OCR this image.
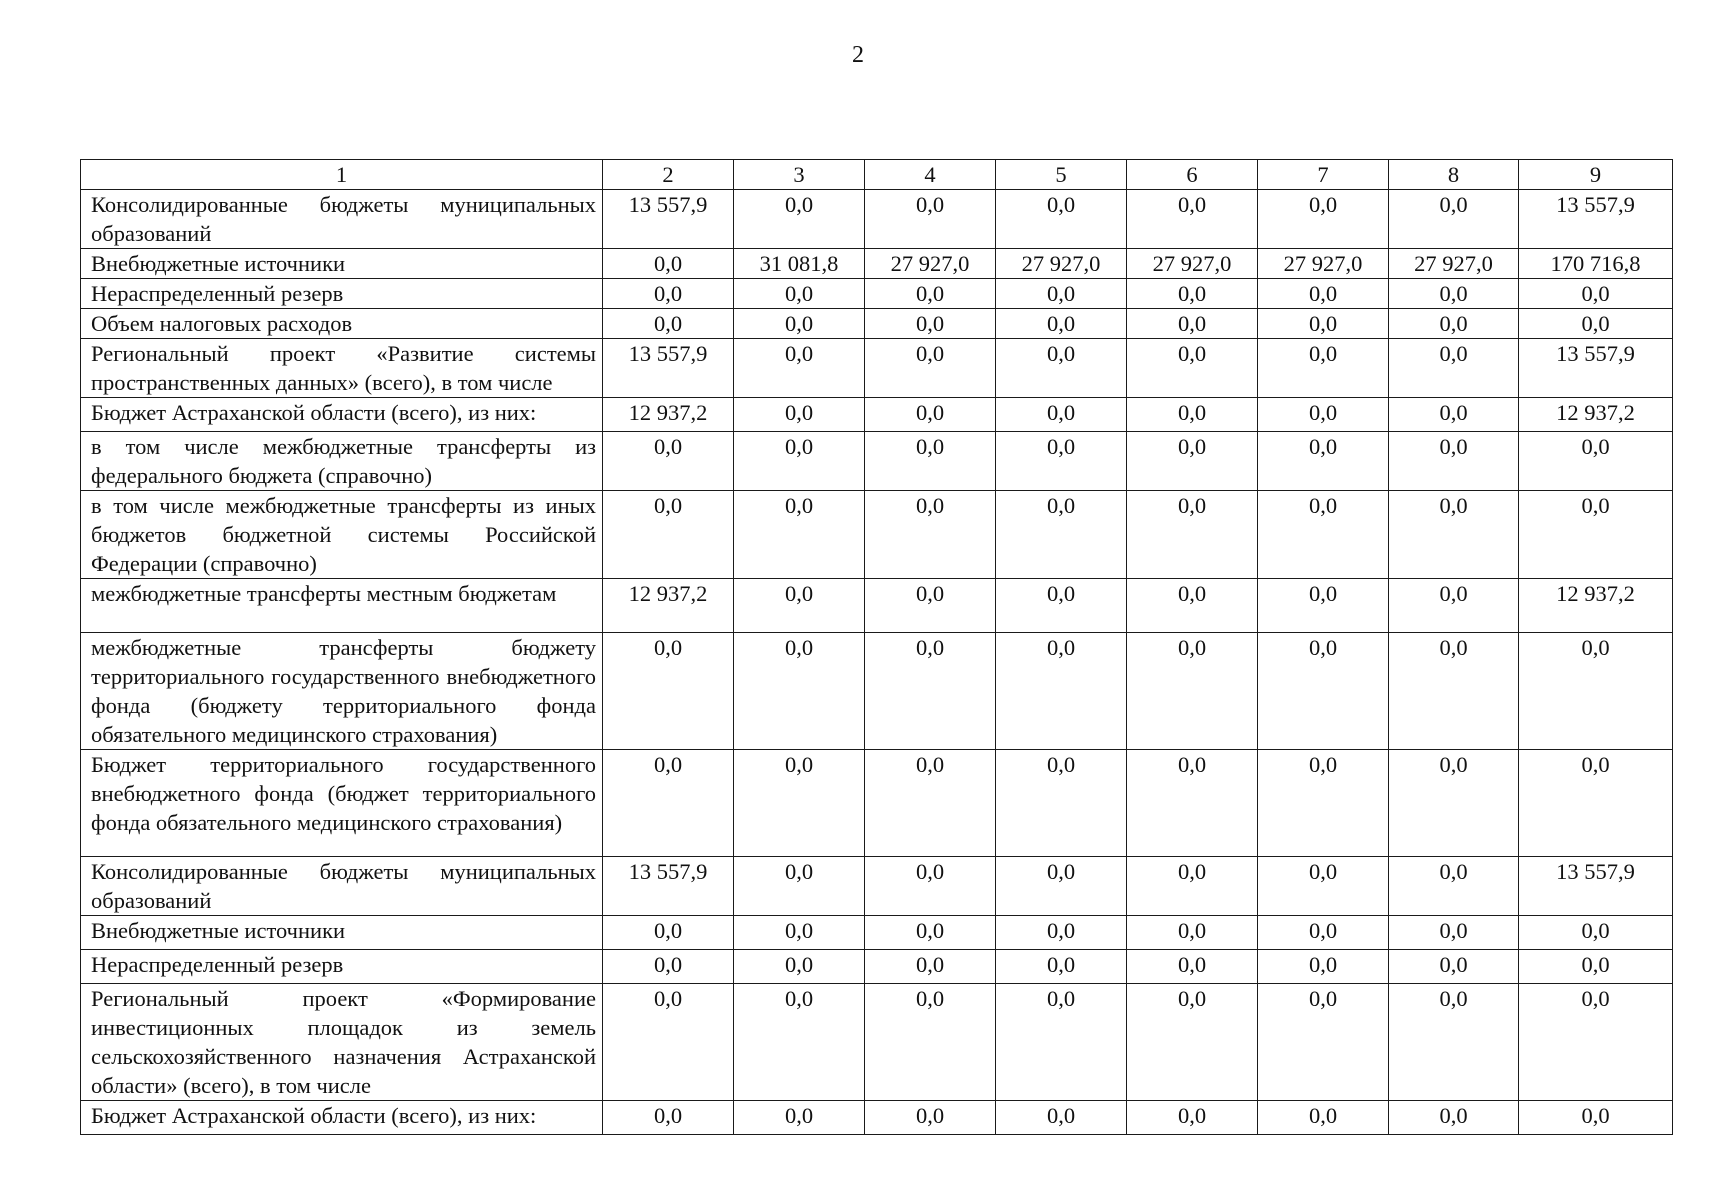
2
1	2	3	4	5	6	7	8	9
Консолидированные бюджеты муниципальных образований	13 557,9	0,0	0,0	0,0	0,0	0,0	0,0	13 557,9
Внебюджетные источники	0,0	31 081,8	27 927,0	27 927,0	27 927,0	27 927,0	27 927,0	170 716,8
Нераспределенный резерв	0,0	0,0	0,0	0,0	0,0	0,0	0,0	0,0
Объем налоговых расходов	0,0	0,0	0,0	0,0	0,0	0,0	0,0	0,0
Региональный проект «Развитие системы пространственных данных» (всего), в том числе	13 557,9	0,0	0,0	0,0	0,0	0,0	0,0	13 557,9
Бюджет Астраханской области (всего), из них:	12 937,2	0,0	0,0	0,0	0,0	0,0	0,0	12 937,2
в том числе межбюджетные трансферты из федерального бюджета (справочно)	0,0	0,0	0,0	0,0	0,0	0,0	0,0	0,0
в том числе межбюджетные трансферты из иных бюджетов бюджетной системы Российской Федерации (справочно)	0,0	0,0	0,0	0,0	0,0	0,0	0,0	0,0
межбюджетные трансферты местным бюджетам	12 937,2	0,0	0,0	0,0	0,0	0,0	0,0	12 937,2
межбюджетные трансферты бюджету территориального государственного внебюджетного фонда (бюджету территориального фонда обязательного медицинского страхования)	0,0	0,0	0,0	0,0	0,0	0,0	0,0	0,0
Бюджет территориального государственного внебюджетного фонда (бюджет территориального фонда обязательного медицинского страхования)	0,0	0,0	0,0	0,0	0,0	0,0	0,0	0,0
Консолидированные бюджеты муниципальных образований	13 557,9	0,0	0,0	0,0	0,0	0,0	0,0	13 557,9
Внебюджетные источники	0,0	0,0	0,0	0,0	0,0	0,0	0,0	0,0
Нераспределенный резерв	0,0	0,0	0,0	0,0	0,0	0,0	0,0	0,0
Региональный проект «Формирование инвестиционных площадок из земель сельскохозяйственного назначения Астраханской области» (всего), в том числе	0,0	0,0	0,0	0,0	0,0	0,0	0,0	0,0
Бюджет Астраханской области (всего), из них:	0,0	0,0	0,0	0,0	0,0	0,0	0,0	0,0
